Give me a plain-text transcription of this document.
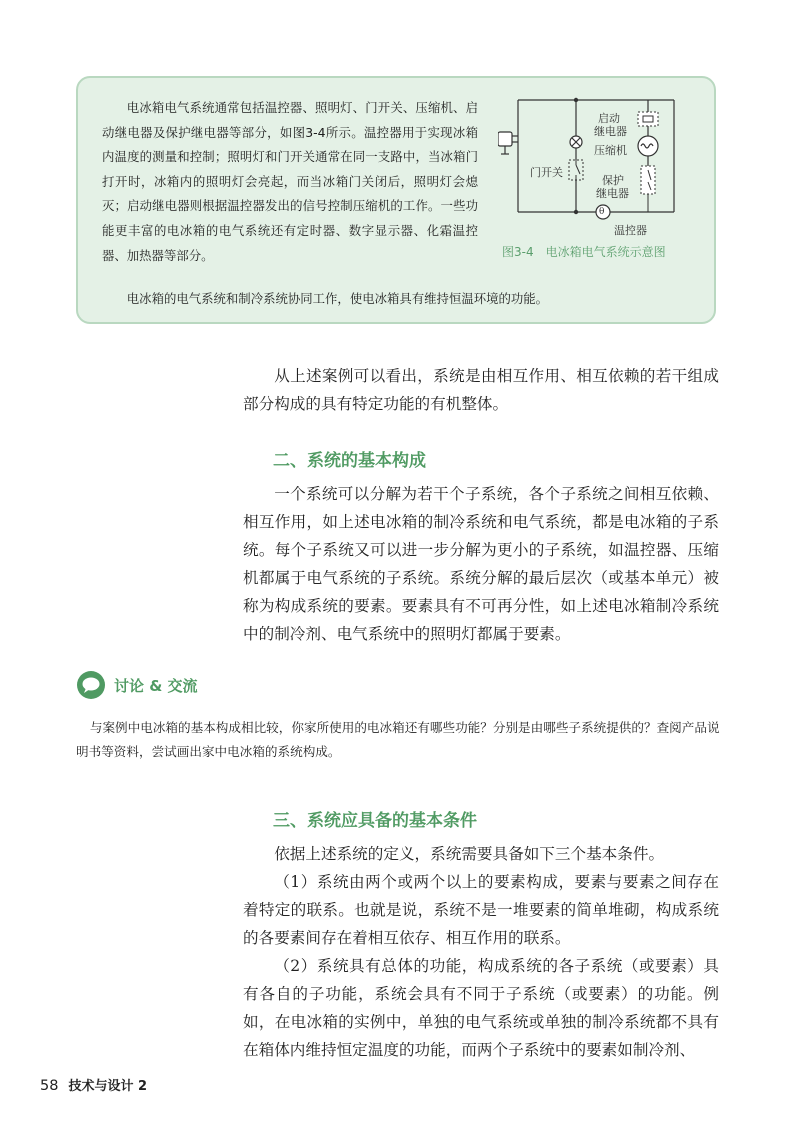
电冰箱电气系统通常包括温控器、照明灯、门开关、压缩机、启动继电器及保护继电器等部分，如图3-4所示。温控器用于实现冰箱内温度的测量和控制；照明灯和门开关通常在同一支路中，当冰箱门打开时，冰箱内的照明灯会亮起，而当冰箱门关闭后，照明灯会熄灭；启动继电器则根据温控器发出的信号控制压缩机的工作。一些功能更丰富的电冰箱的电气系统还有定时器、数字显示器、化霜温控器、加热器等部分。
电冰箱的电气系统和制冷系统协同工作，使电冰箱具有维持恒温环境的功能。
启动
继电器
压缩机
门开关
保护
继电器
θ
温控器
图3-4　电冰箱电气系统示意图
从上述案例可以看出，系统是由相互作用、相互依赖的若干组成部分构成的具有特定功能的有机整体。
二、系统的基本构成
一个系统可以分解为若干个子系统，各个子系统之间相互依赖、相互作用，如上述电冰箱的制冷系统和电气系统，都是电冰箱的子系统。每个子系统又可以进一步分解为更小的子系统，如温控器、压缩机都属于电气系统的子系统。系统分解的最后层次（或基本单元）被称为构成系统的要素。要素具有不可再分性，如上述电冰箱制冷系统中的制冷剂、电气系统中的照明灯都属于要素。
讨论 & 交流
与案例中电冰箱的基本构成相比较，你家所使用的电冰箱还有哪些功能？分别是由哪些子系统提供的？查阅产品说明书等资料，尝试画出家中电冰箱的系统构成。
三、系统应具备的基本条件
依据上述系统的定义，系统需要具备如下三个基本条件。
（1）系统由两个或两个以上的要素构成，要素与要素之间存在着特定的联系。也就是说，系统不是一堆要素的简单堆砌，构成系统的各要素间存在着相互依存、相互作用的联系。
（2）系统具有总体的功能，构成系统的各子系统（或要素）具有各自的子功能，系统会具有不同于子系统（或要素）的功能。例如，在电冰箱的实例中，单独的电气系统或单独的制冷系统都不具有在箱体内维持恒定温度的功能，而两个子系统中的要素如制冷剂、
58 技术与设计 2
